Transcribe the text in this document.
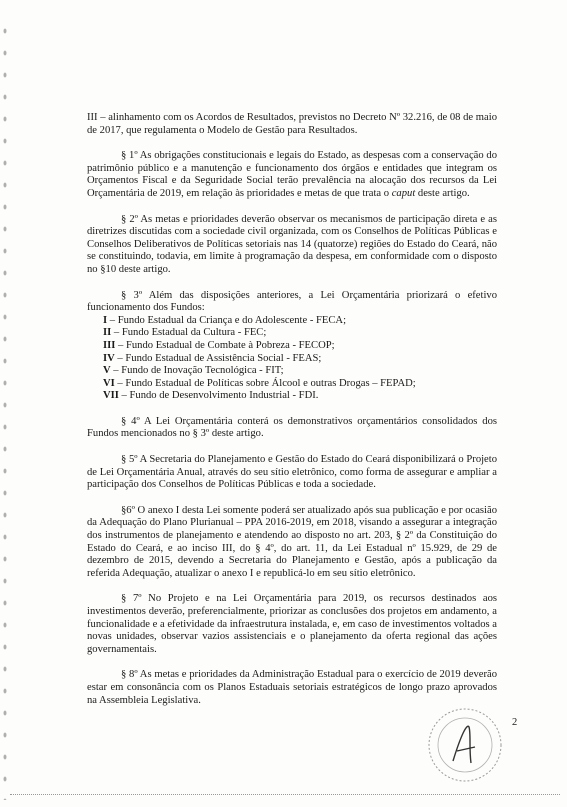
III – alinhamento com os Acordos de Resultados, previstos no Decreto Nº 32.216, de 08 de maio de 2017, que regulamenta o Modelo de Gestão para Resultados.

§ 1º As obrigações constitucionais e legais do Estado, as despesas com a conservação do patrimônio público e a manutenção e funcionamento dos órgãos e entidades que integram os Orçamentos Fiscal e da Seguridade Social terão prevalência na alocação dos recursos da Lei Orçamentária de 2019, em relação às prioridades e metas de que trata o caput deste artigo.

§ 2º As metas e prioridades deverão observar os mecanismos de participação direta e as diretrizes discutidas com a sociedade civil organizada, com os Conselhos de Políticas Públicas e Conselhos Deliberativos de Políticas setoriais nas 14 (quatorze) regiões do Estado do Ceará, não se constituindo, todavia, em limite à programação da despesa, em conformidade com o disposto no §10 deste artigo.

§ 3º Além das disposições anteriores, a Lei Orçamentária priorizará o efetivo funcionamento dos Fundos:

I – Fundo Estadual da Criança e do Adolescente - FECA;
II – Fundo Estadual da Cultura - FEC;
III – Fundo Estadual de Combate à Pobreza - FECOP;
IV – Fundo Estadual de Assistência Social - FEAS;
V – Fundo de Inovação Tecnológica - FIT;
VI – Fundo Estadual de Políticas sobre Álcool e outras Drogas – FEPAD;
VII – Fundo de Desenvolvimento Industrial - FDI.

§ 4º A Lei Orçamentária conterá os demonstrativos orçamentários consolidados dos Fundos mencionados no § 3º deste artigo.

§ 5º A Secretaria do Planejamento e Gestão do Estado do Ceará disponibilizará o Projeto de Lei Orçamentária Anual, através do seu sítio eletrônico, como forma de assegurar e ampliar a participação dos Conselhos de Políticas Públicas e toda a sociedade.

§6º O anexo I desta Lei somente poderá ser atualizado após sua publicação e por ocasião da Adequação do Plano Plurianual – PPA 2016-2019, em 2018, visando a assegurar a integração dos instrumentos de planejamento e atendendo ao disposto no art. 203, § 2º da Constituição do Estado do Ceará, e ao inciso III, do § 4º, do art. 11, da Lei Estadual nº 15.929, de 29 de dezembro de 2015, devendo a Secretaria do Planejamento e Gestão, após a publicação da referida Adequação, atualizar o anexo I e republicá-lo em seu sítio eletrônico.

§ 7º No Projeto e na Lei Orçamentária para 2019, os recursos destinados aos investimentos deverão, preferencialmente, priorizar as conclusões dos projetos em andamento, a funcionalidade e a efetividade da infraestrutura instalada, e, em caso de investimentos voltados a novas unidades, observar vazios assistenciais e o planejamento da oferta regional das ações governamentais.

§ 8º As metas e prioridades da Administração Estadual para o exercício de 2019 deverão estar em consonância com os Planos Estaduais setoriais estratégicos de longo prazo aprovados na Assembleia Legislativa.

2
